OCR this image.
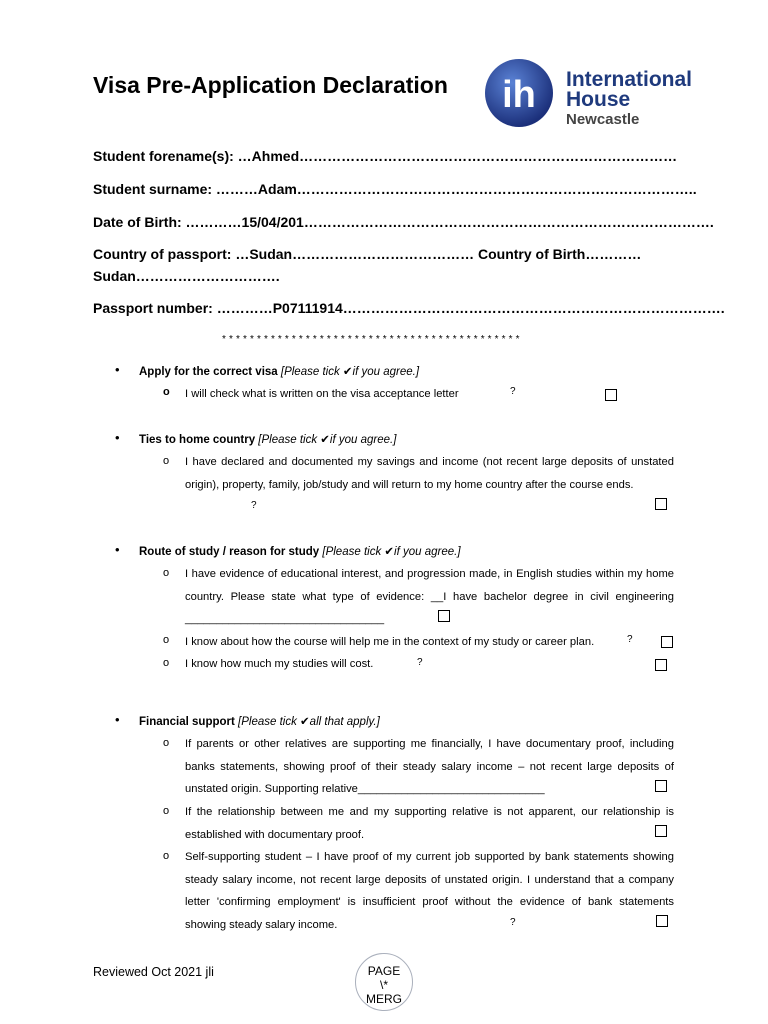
Visa Pre-Application Declaration ih International
House
Newcastle
Student forename(s): …Ahmed………………………………………………………………………
Student surname: ………Adam…………………………………………………………………………..
Date of Birth: …………15/04/201…………………………………………………………………………….
Country of passport: …Sudan………………………………… Country of Birth…………
Sudan………………………….
Passport number: …………P07111914……………………………………………………………………….
*******************************************
• Apply for the correct visa [Please tick ✔if you agree.]
o I will check what is written on the visa acceptance letter	?
• Ties to home country [Please tick ✔if you agree.]
o I have declared and documented my savings and income (not recent large deposits of unstated origin), property, family, job/study and will return to my home country after the course ends.
?
• Route of study / reason for study [Please tick ✔if you agree.]
o I have evidence of educational interest, and progression made, in English studies within my home country. Please state what type of evidence: __I have bachelor degree in civil engineering ________________________________
o I know about how the course will help me in the context of my study or career plan.	?
o I know how much my studies will cost.	?
• Financial support [Please tick ✔all that apply.]
o If parents or other relatives are supporting me financially, I have documentary proof, including banks statements, showing proof of their steady salary income – not recent large deposits of unstated origin. Supporting relative______________________________
o If the relationship between me and my supporting relative is not apparent, our relationship is established with documentary proof.
o Self-supporting student – I have proof of my current job supported by bank statements showing steady salary income, not recent large deposits of unstated origin. I understand that a company letter 'confirming employment' is insufficient proof without the evidence of bank statements showing steady salary income.	?
Reviewed Oct 2021 jli	PAGE
\*
MERG
